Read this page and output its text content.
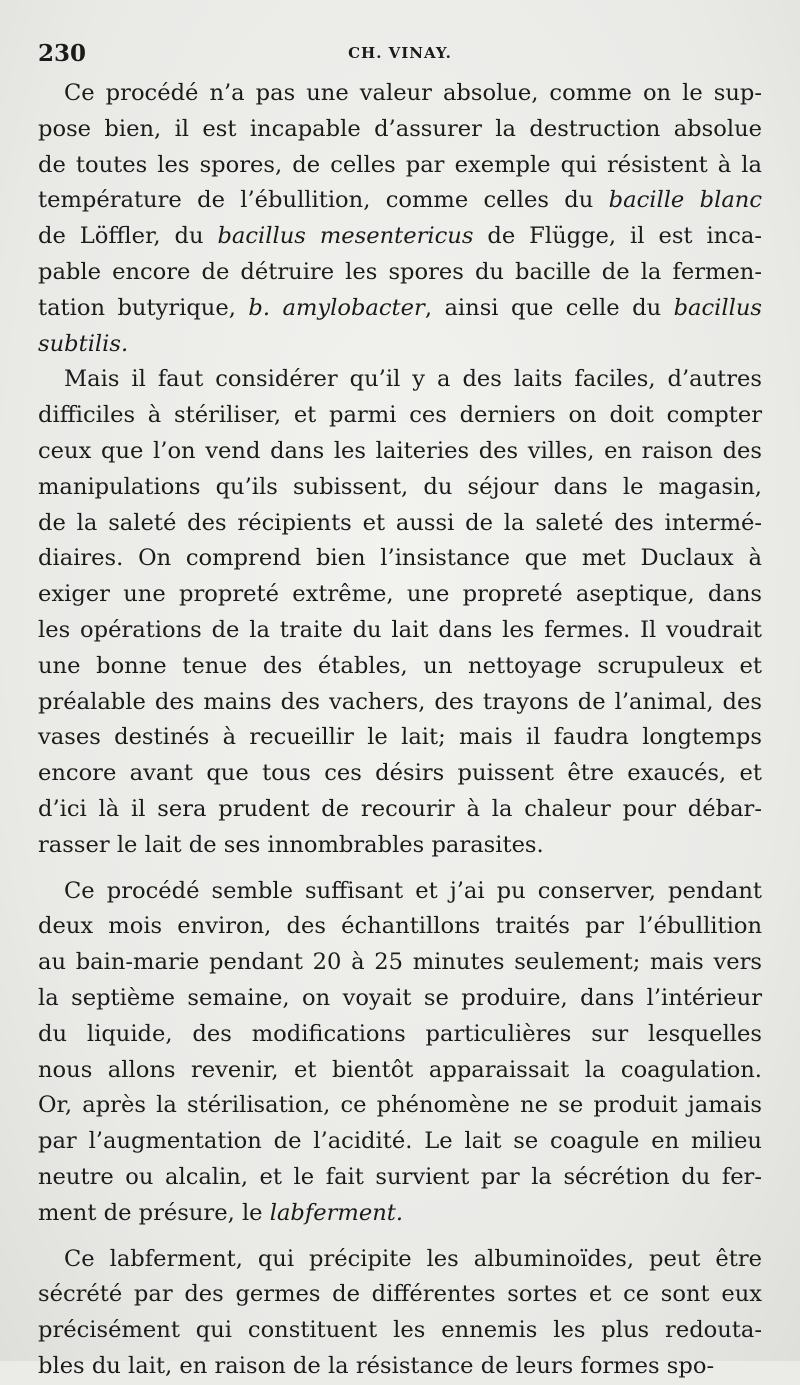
230	CH. VINAY.
Ce procédé n’a pas une valeur absolue, comme on le sup-
pose bien, il est incapable d’assurer la destruction absolue
de toutes les spores, de celles par exemple qui résistent à la
température de l’ébullition, comme celles du bacille blanc
de Löffler, du bacillus mesentericus de Flügge, il est inca-
pable encore de détruire les spores du bacille de la fermen-
tation butyrique, b. amylobacter, ainsi que celle du bacillus
subtilis.
Mais il faut considérer qu’il y a des laits faciles, d’autres
difficiles à stériliser, et parmi ces derniers on doit compter
ceux que l’on vend dans les laiteries des villes, en raison des
manipulations qu’ils subissent, du séjour dans le magasin,
de la saleté des récipients et aussi de la saleté des intermé-
diaires. On comprend bien l’insistance que met Duclaux à
exiger une propreté extrême, une propreté aseptique, dans
les opérations de la traite du lait dans les fermes. Il voudrait
une bonne tenue des étables, un nettoyage scrupuleux et
préalable des mains des vachers, des trayons de l’animal, des
vases destinés à recueillir le lait; mais il faudra longtemps
encore avant que tous ces désirs puissent être exaucés, et
d’ici là il sera prudent de recourir à la chaleur pour débar-
rasser le lait de ses innombrables parasites.
Ce procédé semble suffisant et j’ai pu conserver, pendant
deux mois environ, des échantillons traités par l’ébullition
au bain-marie pendant 20 à 25 minutes seulement; mais vers
la septième semaine, on voyait se produire, dans l’intérieur
du liquide, des modifications particulières sur lesquelles
nous allons revenir, et bientôt apparaissait la coagulation.
Or, après la stérilisation, ce phénomène ne se produit jamais
par l’augmentation de l’acidité. Le lait se coagule en milieu
neutre ou alcalin, et le fait survient par la sécrétion du fer-
ment de présure, le labferment.
Ce labferment, qui précipite les albuminoïdes, peut être
sécrété par des germes de différentes sortes et ce sont eux
précisément qui constituent les ennemis les plus redouta-
bles du lait, en raison de la résistance de leurs formes spo-
